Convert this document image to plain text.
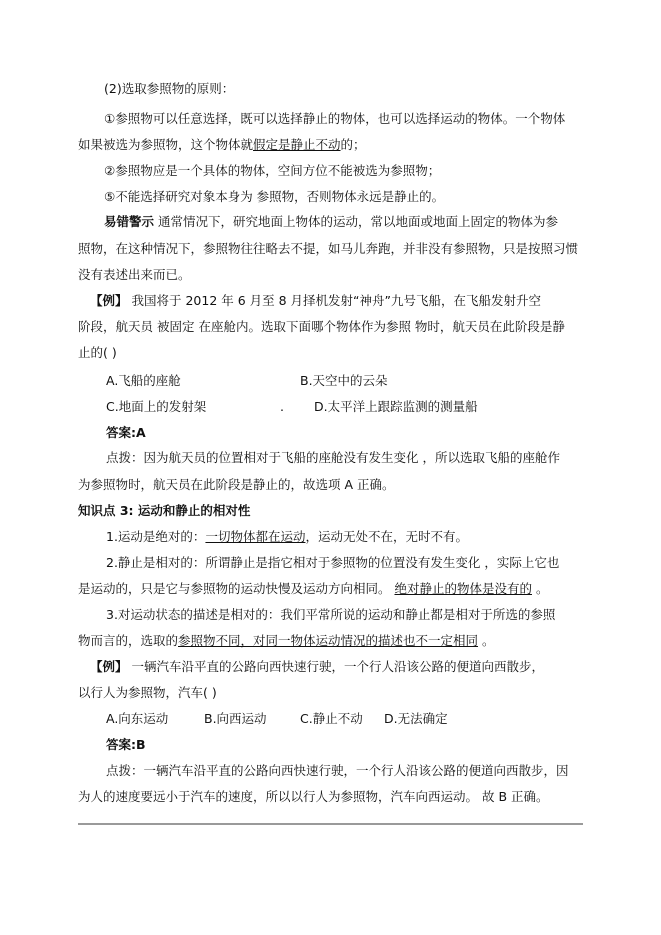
(2)选取参照物的原则：
①参照物可以任意选择，既可以选择静止的物体，也可以选择运动的物体。一个物体
如果被选为参照物，这个物体就假定是静止不动的；
②参照物应是一个具体的物体，空间方位不能被选为参照物；
⑤不能选择研究对象本身为 参照物，否则物体永远是静止的。
易错警示 通常情况下，研究地面上物体的运动，常以地面或地面上固定的物体为参
照物，在这种情况下，参照物往往略去不提，如马儿奔跑，并非没有参照物，只是按照习惯
没有表述出来而已。
【例】 我国将于 2012 年 6 月至 8 月择机发射“神舟”九号飞船，在飞船发射升空
阶段，航天员 被固定 在座舱内。选取下面哪个物体作为参照 物时，航天员在此阶段是静
止的( )
A.飞船的座舱	B.天空中的云朵
C.地面上的发射架	. D.太平洋上跟踪监测的测量船
答案:A
点拨：因为航天员的位置相对于飞船的座舱没有发生变化 ，所以选取飞船的座舱作
为参照物时，航天员在此阶段是静止的，故选项 A 正确。
知识点 3: 运动和静止的相对性
1.运动是绝对的：一切物体都在运动，运动无处不在，无时不有。
2.静止是相对的：所谓静止是指它相对于参照物的位置没有发生变化 ，实际上它也
是运动的，只是它与参照物的运动快慢及运动方向相同。 绝对静止的物体是没有的 。
3.对运动状态的描述是相对的：我们平常所说的运动和静止都是相对于所选的参照
物而言的，选取的参照物不同，对同一物体运动情况的描述也不一定相同 。
【例】 一辆汽车沿平直的公路向西快速行驶，一个行人沿该公路的便道向西散步，
以行人为参照物，汽车( )
A.向东运动	B.向西运动	C.静止不动 D.无法确定
答案:B
点拨：一辆汽车沿平直的公路向西快速行驶，一个行人沿该公路的便道向西散步，因
为人的速度要远小于汽车的速度，所以以行人为参照物，汽车向西运动。 故 B 正确。
